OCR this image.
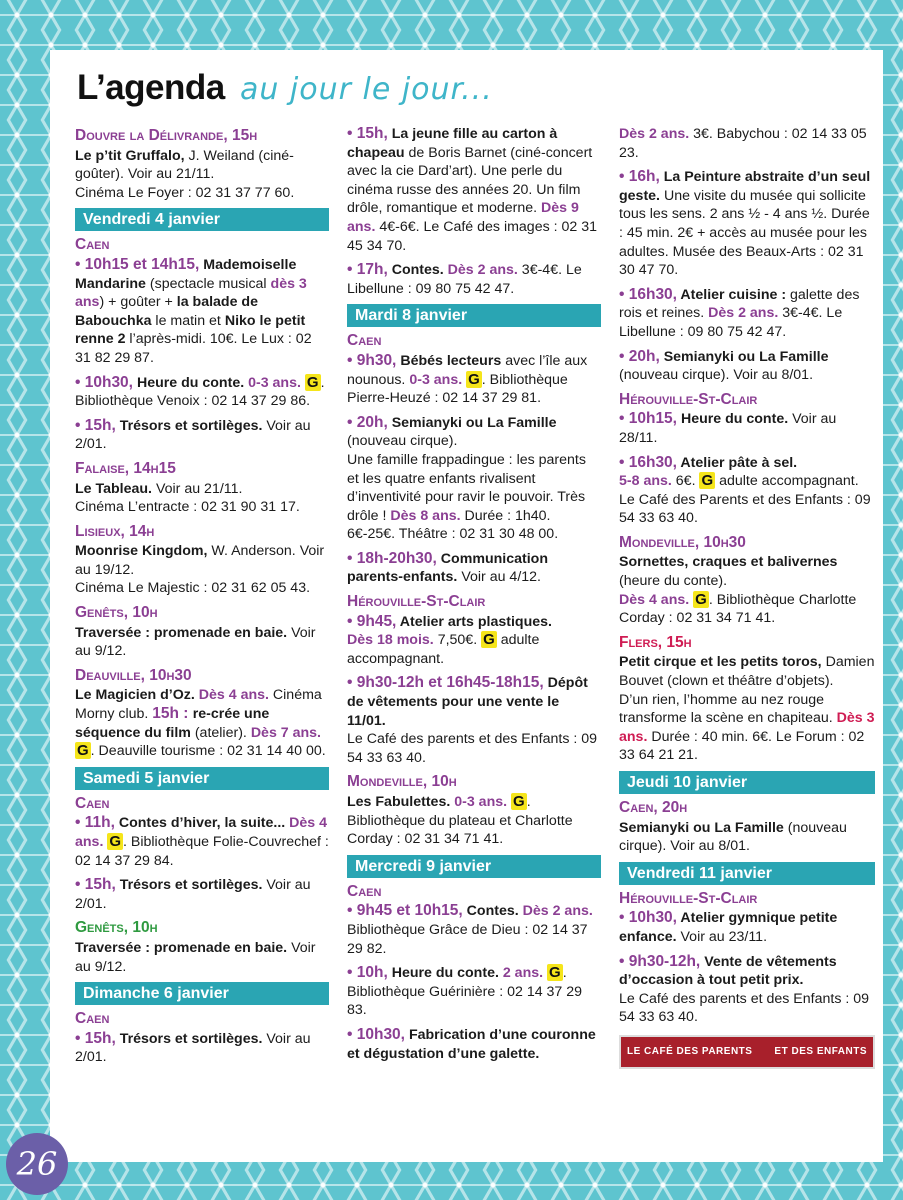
L’agenda au jour le jour...
Douvre la Délivrande, 15h
Le p’tit Gruffalo, J. Weiland (ciné-goûter). Voir au 21/11.
Cinéma Le Foyer : 02 31 37 77 60.
Vendredi 4 janvier
Caen
• 10h15 et 14h15, Mademoiselle Mandarine (spectacle musical dès 3 ans) + goûter + la balade de Babouchka le matin et Niko le petit renne 2 l’après-midi. 10€. Le Lux : 02 31 82 29 87.
• 10h30, Heure du conte. 0-3 ans. G . Bibliothèque Venoix : 02 14 37 29 86.
• 15h, Trésors et sortilèges. Voir au 2/01.
Falaise, 14h15
Le Tableau. Voir au 21/11.
Cinéma L’entracte : 02 31 90 31 17.
Lisieux, 14h
Moonrise Kingdom, W. Anderson. Voir au 19/12.
Cinéma Le Majestic : 02 31 62 05 43.
Genêts, 10h
Traversée : promenade en baie. Voir au 9/12.
Deauville, 10h30
Le Magicien d’Oz. Dès 4 ans. Cinéma Morny club. 15h : re-crée une séquence du film (atelier). Dès 7 ans. G . Deauville tourisme : 02 31 14 40 00.
Samedi 5 janvier
Caen
• 11h, Contes d’hiver, la suite... Dès 4 ans. G . Bibliothèque Folie-Couvrechef : 02 14 37 29 84.
• 15h, Trésors et sortilèges. Voir au 2/01.
Genêts, 10h
Traversée : promenade en baie. Voir au 9/12.
Dimanche 6 janvier
Caen
• 15h, Trésors et sortilèges. Voir au 2/01.
• 15h, La jeune fille au carton à chapeau de Boris Barnet (ciné-concert avec la cie Dard’art). Une perle du cinéma russe des années 20. Un film drôle, romantique et moderne. Dès 9 ans. 4€-6€. Le Café des images : 02 31 45 34 70.
• 17h, Contes. Dès 2 ans. 3€-4€. Le Libellune : 09 80 75 42 47.
Mardi 8 janvier
Caen
• 9h30, Bébés lecteurs avec l’île aux nounous. 0-3 ans. G . Bibliothèque Pierre-Heuzé : 02 14 37 29 81.
• 20h, Semianyki ou La Famille (nouveau cirque).
Une famille frappadingue : les parents et les quatre enfants rivalisent d’inventivité pour ravir le pouvoir. Très drôle ! Dès 8 ans. Durée : 1h40. 6€-25€. Théâtre : 02 31 30 48 00.
• 18h-20h30, Communication parents-enfants. Voir au 4/12.
Hérouville-St-Clair
• 9h45, Atelier arts plastiques.
Dès 18 mois. 7,50€. G adulte accompagnant.
• 9h30-12h et 16h45-18h15, Dépôt de vêtements pour une vente le 11/01.
Le Café des parents et des Enfants : 09 54 33 63 40.
Mondeville, 10h
Les Fabulettes. 0-3 ans. G . Bibliothèque du plateau et Charlotte Corday : 02 31 34 71 41.
Mercredi 9 janvier
Caen
• 9h45 et 10h15, Contes. Dès 2 ans. Bibliothèque Grâce de Dieu : 02 14 37 29 82.
• 10h, Heure du conte. 2 ans. G . Bibliothèque Guérinière : 02 14 37 29 83.
• 10h30, Fabrication d’une couronne et dégustation d’une galette.
Dès 2 ans. 3€. Babychou : 02 14 33 05 23.
• 16h, La Peinture abstraite d’un seul geste. Une visite du musée qui sollicite tous les sens. 2 ans ½ - 4 ans ½. Durée : 45 min. 2€ + accès au musée pour les adultes. Musée des Beaux-Arts : 02 31 30 47 70.
• 16h30, Atelier cuisine : galette des rois et reines. Dès 2 ans. 3€-4€. Le Libellune : 09 80 75 42 47.
• 20h, Semianyki ou La Famille (nouveau cirque). Voir au 8/01.
Hérouville-St-Clair
• 10h15, Heure du conte. Voir au 28/11.
• 16h30, Atelier pâte à sel.
5-8 ans. 6€. G adulte accompagnant. Le Café des Parents et des Enfants : 09 54 33 63 40.
Mondeville, 10h30
Sornettes, craques et balivernes (heure du conte).
Dès 4 ans. G . Bibliothèque Charlotte Corday : 02 31 34 71 41.
Flers, 15h
Petit cirque et les petits toros, Damien Bouvet (clown et théâtre d’objets).
D’un rien, l’homme au nez rouge transforme la scène en chapiteau. Dès 3 ans. Durée : 40 min. 6€. Le Forum : 02 33 64 21 21.
Jeudi 10 janvier
Caen, 20h
Semianyki ou La Famille (nouveau cirque). Voir au 8/01.
Vendredi 11 janvier
Hérouville-St-Clair
• 10h30, Atelier gymnique petite enfance. Voir au 23/11.
• 9h30-12h, Vente de vêtements d’occasion à tout petit prix.
Le Café des parents et des Enfants : 09 54 33 63 40.
LE CAFÉ DES PARENTS ET DES ENFANTS
26
